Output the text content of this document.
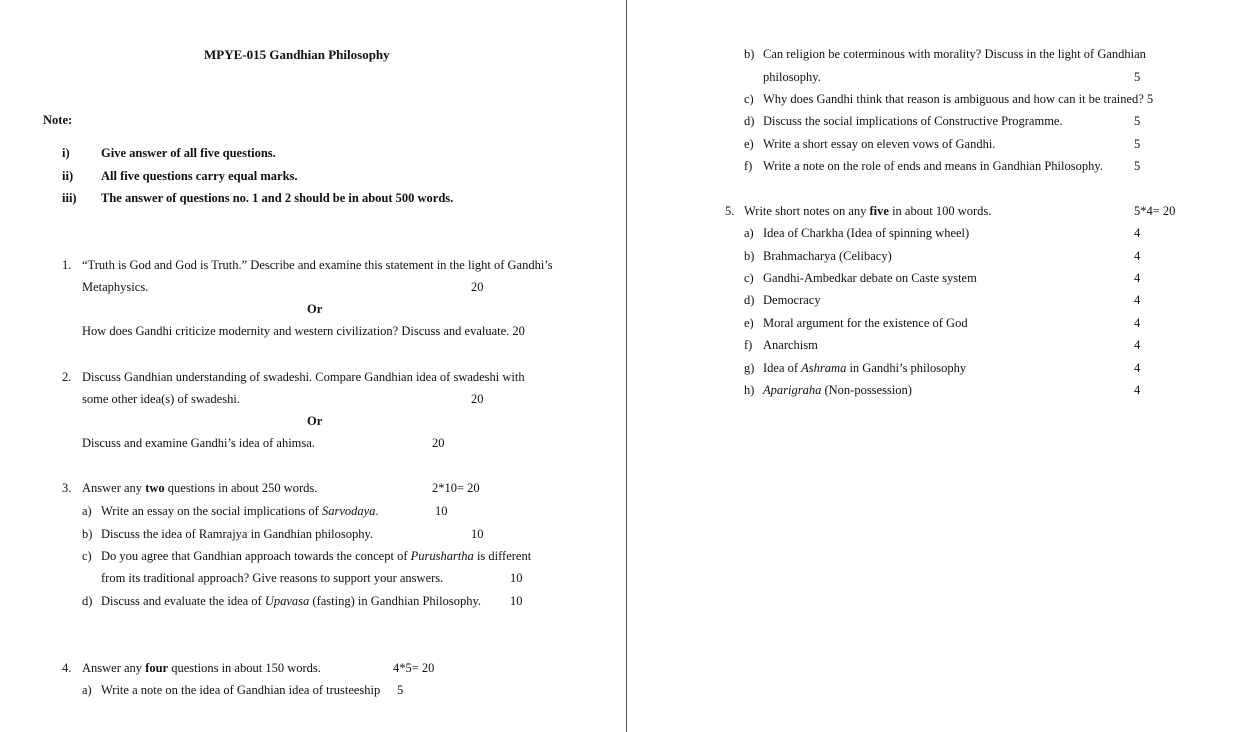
MPYE-015 Gandhian Philosophy
Note:
i)	Give answer of all five questions.
ii) All five questions carry equal marks.
iii) The answer of questions no. 1 and 2 should be in about 500 words.
1. “Truth is God and God is Truth.” Describe and examine this statement in the light of Gandhi’s
Metaphysics.	20
Or
How does Gandhi criticize modernity and western civilization? Discuss and evaluate. 20
2. Discuss Gandhian understanding of swadeshi. Compare Gandhian idea of swadeshi with
some other idea(s) of swadeshi.	20
Or
Discuss and examine Gandhi’s idea of ahimsa.	20
3. Answer any two questions in about 250 words.	2*10= 20
a) Write an essay on the social implications of Sarvodaya.	10
b) Discuss the idea of Ramrajya in Gandhian philosophy.	10
c) Do you agree that Gandhian approach towards the concept of Purushartha is different
from its traditional approach? Give reasons to support your answers.	10
d) Discuss and evaluate the idea of Upavasa (fasting) in Gandhian Philosophy. 10
4. Answer any four questions in about 150 words.	4*5= 20
a) Write a note on the idea of Gandhian idea of trusteeship 5
b) Can religion be coterminous with morality? Discuss in the light of Gandhian
philosophy.	5
c) Why does Gandhi think that reason is ambiguous and how can it be trained? 5
d) Discuss the social implications of Constructive Programme.	5
e) Write a short essay on eleven vows of Gandhi.	5
f) Write a note on the role of ends and means in Gandhian Philosophy. 5
5. Write short notes on any five in about 100 words.	5*4= 20
a) Idea of Charkha (Idea of spinning wheel)	4
b) Brahmacharya (Celibacy)	4
c) Gandhi-Ambedkar debate on Caste system	4
d) Democracy	4
e) Moral argument for the existence of God	4
f) Anarchism	4
g) Idea of Ashrama in Gandhi’s philosophy	4
h) Aparigraha (Non-possession)	4
